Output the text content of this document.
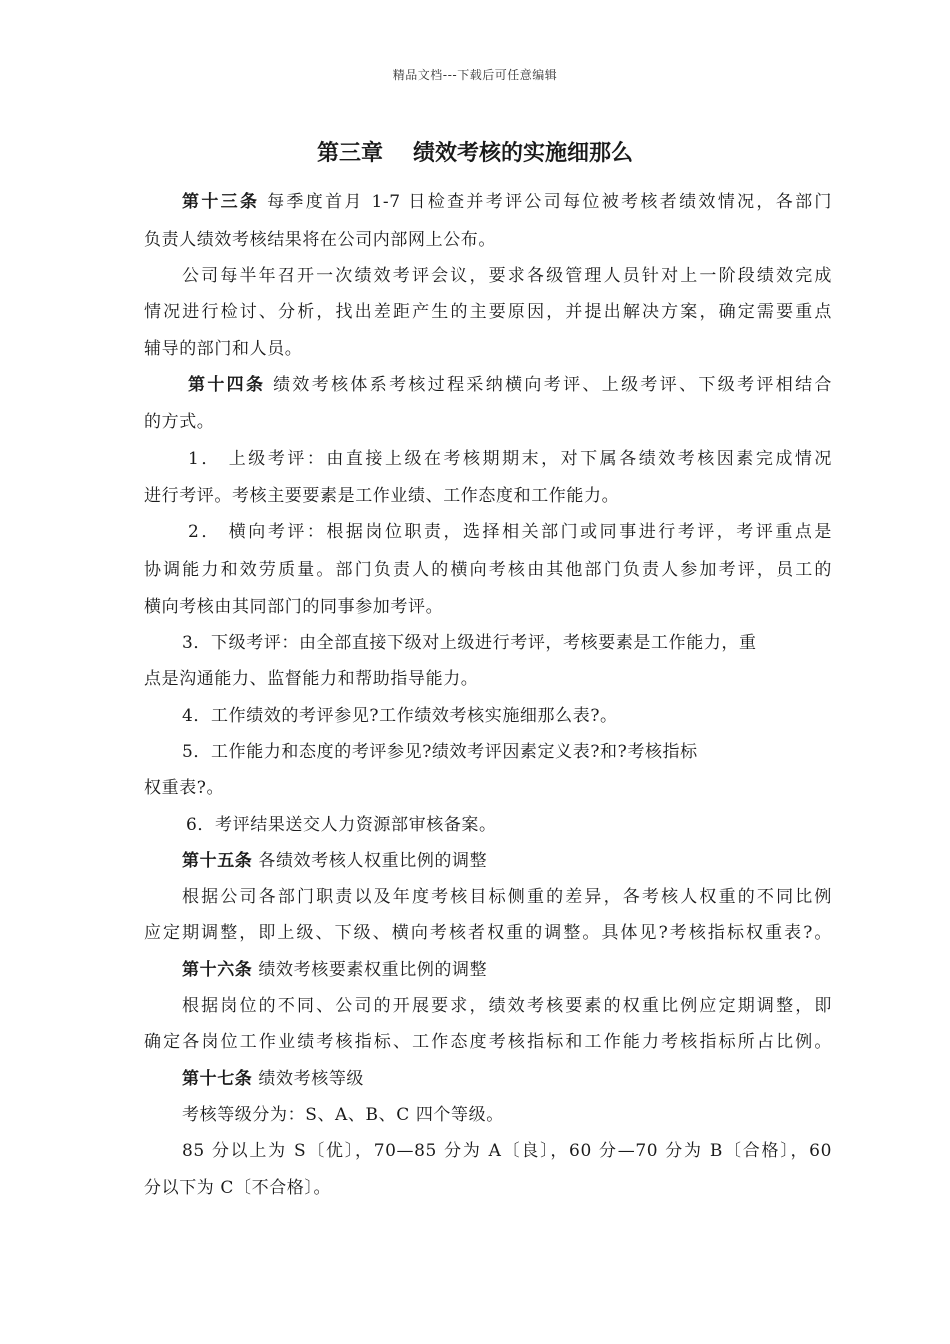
精品文档---下载后可任意编辑
第三章 绩效考核的实施细那么
第十三条 每季度首月 1-7 日检查并考评公司每位被考核者绩效情况，各部门
负责人绩效考核结果将在公司内部网上公布。
公司每半年召开一次绩效考评会议，要求各级管理人员针对上一阶段绩效完成
情况进行检讨、分析，找出差距产生的主要原因，并提出解决方案，确定需要重点
辅导的部门和人员。
第十四条 绩效考核体系考核过程采纳横向考评、上级考评、下级考评相结合
的方式。
1． 上级考评：由直接上级在考核期期末，对下属各绩效考核因素完成情况
进行考评。考核主要要素是工作业绩、工作态度和工作能力。
2． 横向考评：根据岗位职责，选择相关部门或同事进行考评，考评重点是
协调能力和效劳质量。部门负责人的横向考核由其他部门负责人参加考评，员工的
横向考核由其同部门的同事参加考评。
3．下级考评：由全部直接下级对上级进行考评，考核要素是工作能力，重
点是沟通能力、监督能力和帮助指导能力。
4．工作绩效的考评参见?工作绩效考核实施细那么表?。
5．工作能力和态度的考评参见?绩效考评因素定义表?和?考核指标
权重表?。
6．考评结果送交人力资源部审核备案。
第十五条 各绩效考核人权重比例的调整
根据公司各部门职责以及年度考核目标侧重的差异，各考核人权重的不同比例
应定期调整，即上级、下级、横向考核者权重的调整。具体见?考核指标权重表?。
第十六条 绩效考核要素权重比例的调整
根据岗位的不同、公司的开展要求，绩效考核要素的权重比例应定期调整，即
确定各岗位工作业绩考核指标、工作态度考核指标和工作能力考核指标所占比例。
第十七条 绩效考核等级
考核等级分为：S、A、B、C 四个等级。
85 分以上为 S〔优〕，70—85 分为 A〔良〕，60 分—70 分为 B〔合格〕，60
分以下为 C〔不合格〕。
